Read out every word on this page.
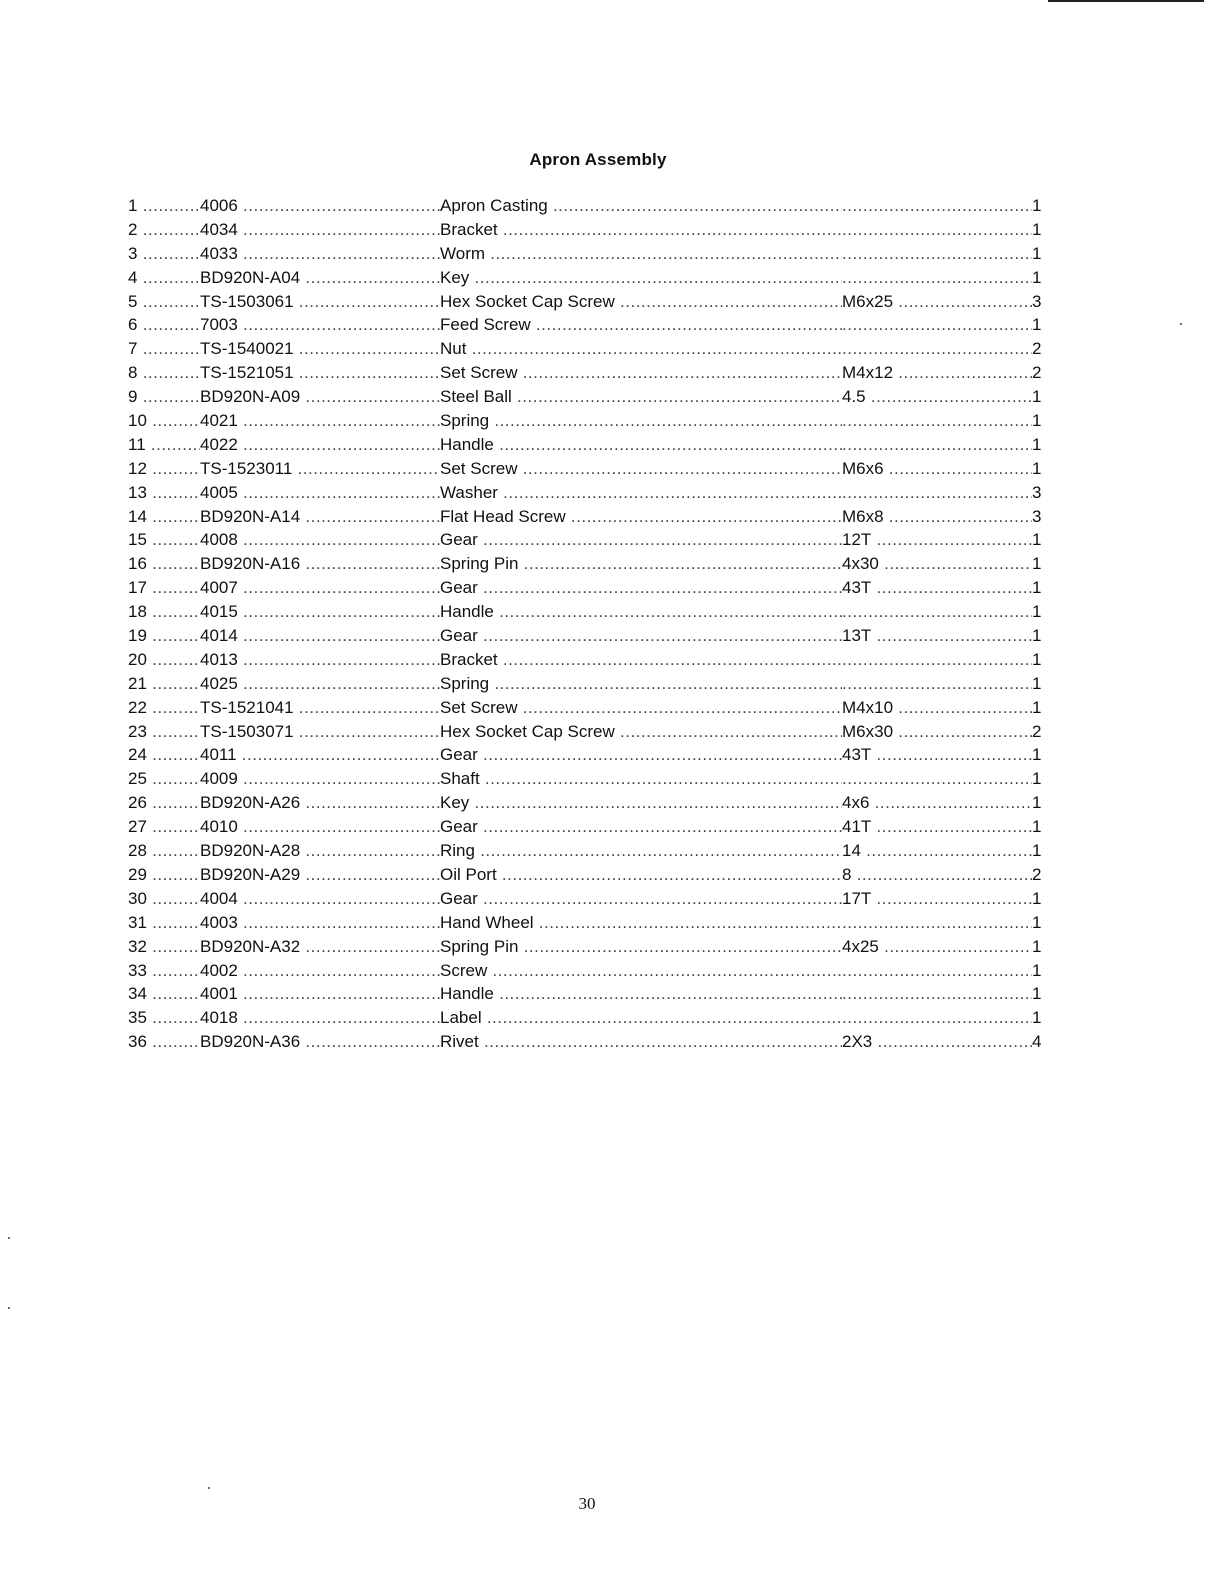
Apron Assembly
1 .....	4006 .....	Apron Casting ..... .....	1
2 .....	4034 .....	Bracket ..... .....	1
3 .....	4033 .....	Worm ..... .....	1
4 .....	BD920N-A04 .....	Key ..... .....	1
5 .....	TS-1503061 .....	Hex Socket Cap Screw .....	M6x25 .....	3
6 .....	7003 .....	Feed Screw ..... .....	1
7 .....	TS-1540021 .....	Nut ..... .....	2
8 .....	TS-1521051 .....	Set Screw .....	M4x12 .....	2
9 .....	BD920N-A09 .....	Steel Ball .....	4.5 .....	1
10 .....	4021 .....	Spring ..... .....	1
11 .....	4022 .....	Handle ..... .....	1
12 .....	TS-1523011 .....	Set Screw .....	M6x6 .....	1
13 .....	4005 .....	Washer ..... .....	3
14 .....	BD920N-A14 .....	Flat Head Screw .....	M6x8 .....	3
15 .....	4008 .....	Gear .....	12T .....	1
16 .....	BD920N-A16 .....	Spring Pin .....	4x30 .....	1
17 .....	4007 .....	Gear .....	43T .....	1
18 .....	4015 .....	Handle ..... .....	1
19 .....	4014 .....	Gear .....	13T .....	1
20 .....	4013 .....	Bracket ..... .....	1
21 .....	4025 .....	Spring ..... .....	1
22 .....	TS-1521041 .....	Set Screw .....	M4x10 .....	1
23 .....	TS-1503071 .....	Hex Socket Cap Screw .....	M6x30 .....	2
24 .....	4011 .....	Gear .....	43T .....	1
25 .....	4009 .....	Shaft ..... .....	1
26 .....	BD920N-A26 .....	Key .....	4x6 .....	1
27 .....	4010 .....	Gear .....	41T .....	1
28 .....	BD920N-A28 .....	Ring .....	14 .....	1
29 .....	BD920N-A29 .....	Oil Port .....	8 .....	2
30 .....	4004 .....	Gear .....	17T .....	1
31 .....	4003 .....	Hand Wheel ..... .....	1
32 .....	BD920N-A32 .....	Spring Pin .....	4x25 .....	1
33 .....	4002 .....	Screw ..... .....	1
34 .....	4001 .....	Handle ..... .....	1
35 .....	4018 .....	Label ..... .....	1
36 .....	BD920N-A36 .....	Rivet .....	2X3 .....	4
30
